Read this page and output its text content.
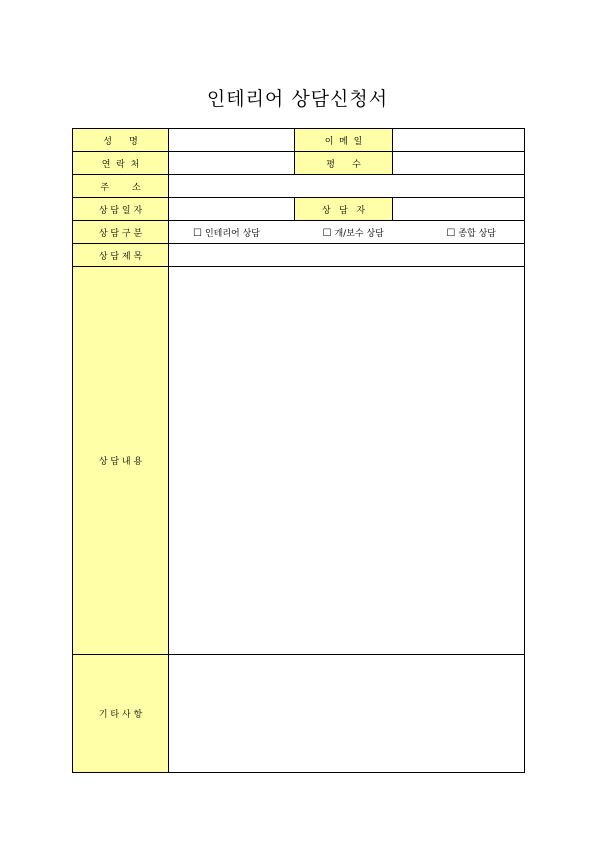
인테리어 상담신청서
성      명		이  메  일	
연  락  처		평      수	
주        소			
상 담 일 자		상   담   자	
상 담 구 분	☐ 인테리어 상담 ☐ 개/보수 상담 ☐ 종합 상담		

상 담 제 목			
상 담 내 용			
기 타 사 항			
